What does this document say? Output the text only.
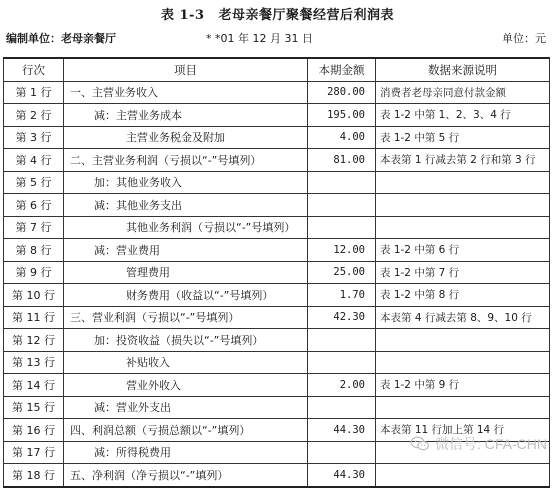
表 1-3 老母亲餐厅聚餐经营后利润表
编制单位：老母亲餐厅	* *01 年 12 月 31 日	单位：元
行次	项目	本期金额	数据来源说明
第 1 行	一、主营业务收入	280.00	消费者老母亲同意付款金额
第 2 行	减：主营业务成本	195.00	表 1-2 中第 1、2、3、4 行
第 3 行	主营业务税金及附加	4.00	表 1-2 中第 5 行
第 4 行	二、主营业务利润（亏损以“-”号填列）	81.00	本表第 1 行减去第 2 行和第 3 行
第 5 行	加：其他业务收入		
第 6 行	减：其他业务支出		
第 7 行	其他业务利润（亏损以“-”号填列）		
第 8 行	减：营业费用	12.00	表 1-2 中第 6 行
第 9 行	管理费用	25.00	表 1-2 中第 7 行
第 10 行	财务费用（收益以“-”号填列）	1.70	表 1-2 中第 8 行
第 11 行	三、营业利润（亏损以“-”号填列）	42.30	本表第 4 行减去第 8、9、10 行
第 12 行	加：投资收益（损失以“-”号填列）		
第 13 行	补贴收入		
第 14 行	营业外收入	2.00	表 1-2 中第 9 行
第 15 行	减：营业外支出		
第 16 行	四、利润总额（亏损总额以“-”填列）	44.30	本表第 11 行加上第 14 行
第 17 行	减：所得税费用		
第 18 行	五、净利润（净亏损以“-”填列）	44.30	
微信号: CFA-CHN
